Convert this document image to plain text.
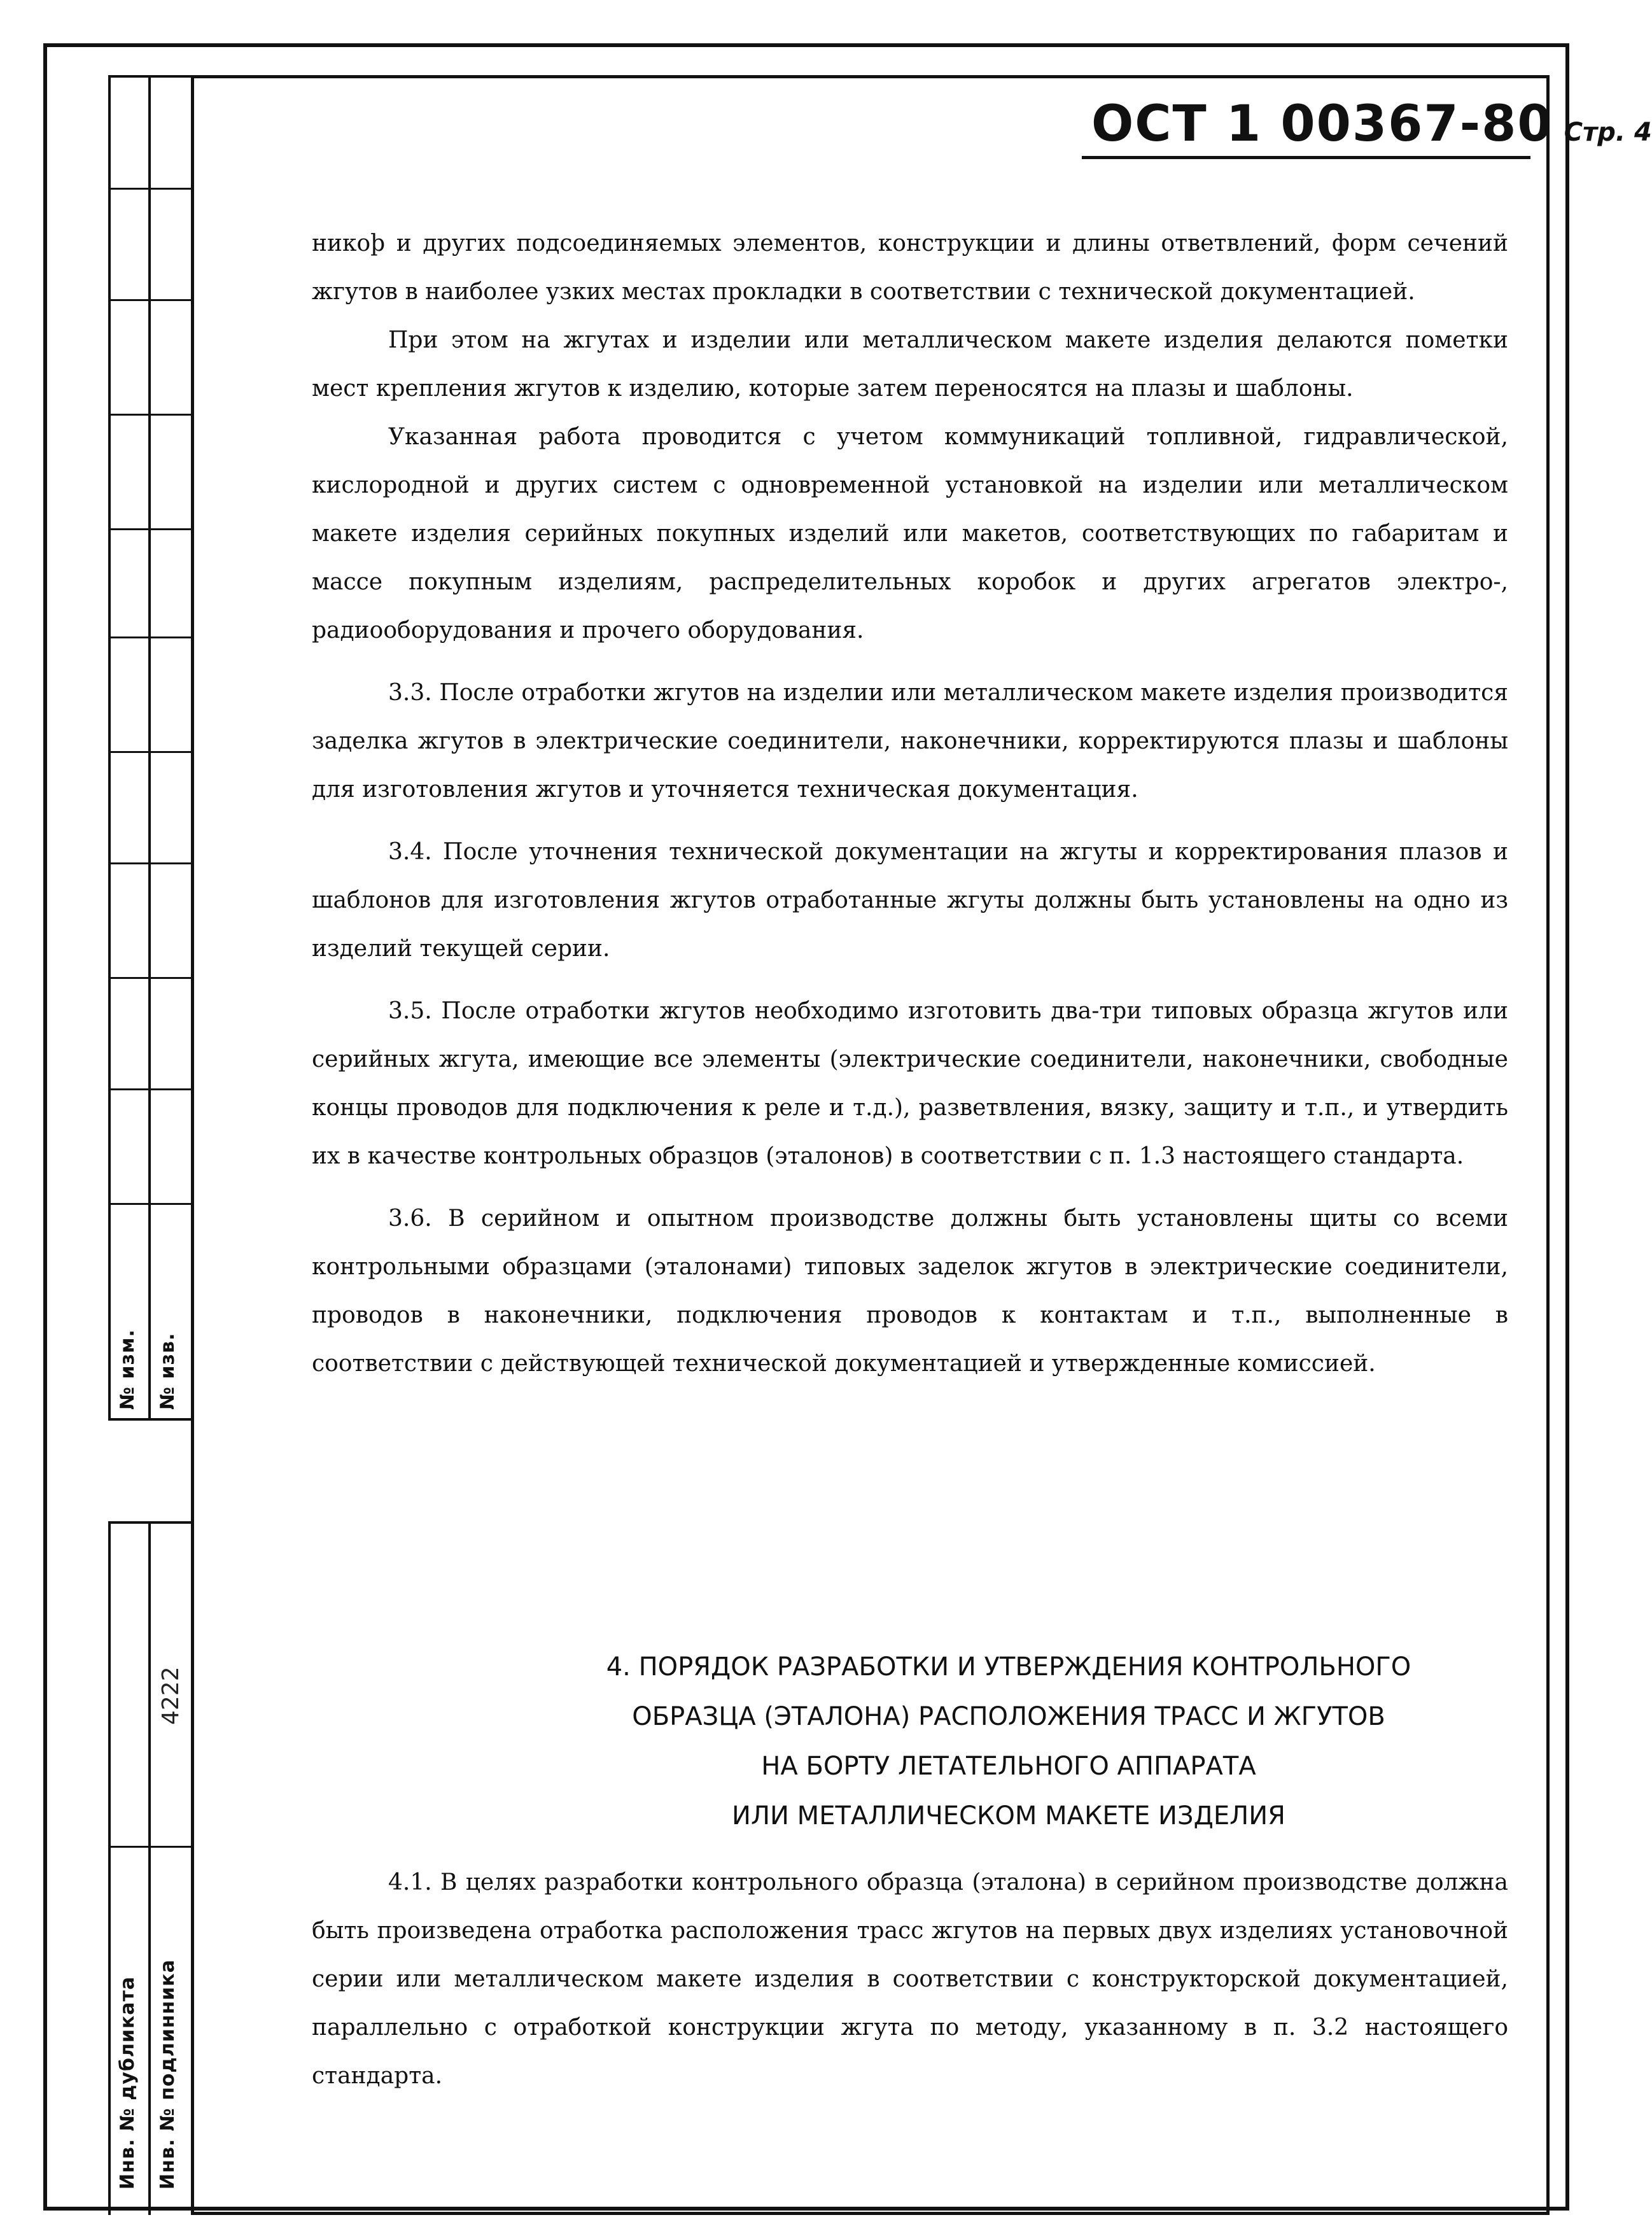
№ изм. № изв.
4222
Инв. № дубликата Инв. № подлинника
ОСТ 1 00367-80 Стр. 4

никоþ и других подсоединяемых элементов, конструкции и длины ответвлений, форм сечений жгутов в наиболее узких местах прокладки в соответствии с технической документацией.

При этом на жгутах и изделии или металлическом макете изделия делаются пометки мест крепления жгутов к изделию, которые затем переносятся на плазы и шаблоны.

Указанная работа проводится с учетом коммуникаций топливной, гидравлической, кислородной и других систем с одновременной установкой на изделии или металлическом макете изделия серийных покупных изделий или макетов, соответствующих по габаритам и массе покупным изделиям, распределительных коробок и других агрегатов электро-, радиооборудования и прочего оборудования.

3.3. После отработки жгутов на изделии или металлическом макете изделия производится заделка жгутов в электрические соединители, наконечники, корректируются плазы и шаблоны для изготовления жгутов и уточняется техническая документация.

3.4. После уточнения технической документации на жгуты и корректирования плазов и шаблонов для изготовления жгутов отработанные жгуты должны быть установлены на одно из изделий текущей серии.

3.5. После отработки жгутов необходимо изготовить два-три типовых образца жгутов или серийных жгута, имеющие все элементы (электрические соединители, наконечники, свободные концы проводов для подключения к реле и т.д.), разветвления, вязку, защиту и т.п., и утвердить их в качестве контрольных образцов (эталонов) в соответствии с п. 1.3 настоящего стандарта.

3.6. В серийном и опытном производстве должны быть установлены щиты со всеми контрольными образцами (эталонами) типовых заделок жгутов в электрические соединители, проводов в наконечники, подключения проводов к контактам и т.п., выполненные в соответствии с действующей технической документацией и утвержденные комиссией.

4. ПОРЯДОК РАЗРАБОТКИ И УТВЕРЖДЕНИЯ КОНТРОЛЬНОГО
ОБРАЗЦА (ЭТАЛОНА) РАСПОЛОЖЕНИЯ ТРАСС И ЖГУТОВ
НА БОРТУ ЛЕТАТЕЛЬНОГО АППАРАТА
ИЛИ МЕТАЛЛИЧЕСКОМ МАКЕТЕ ИЗДЕЛИЯ

4.1. В целях разработки контрольного образца (эталона) в серийном производстве должна быть произведена отработка расположения трасс жгутов на первых двух изделиях установочной серии или металлическом макете изделия в соответствии с конструкторской документацией, параллельно с отработкой конструкции жгута по методу, указанному в п. 3.2 настоящего стандарта.
